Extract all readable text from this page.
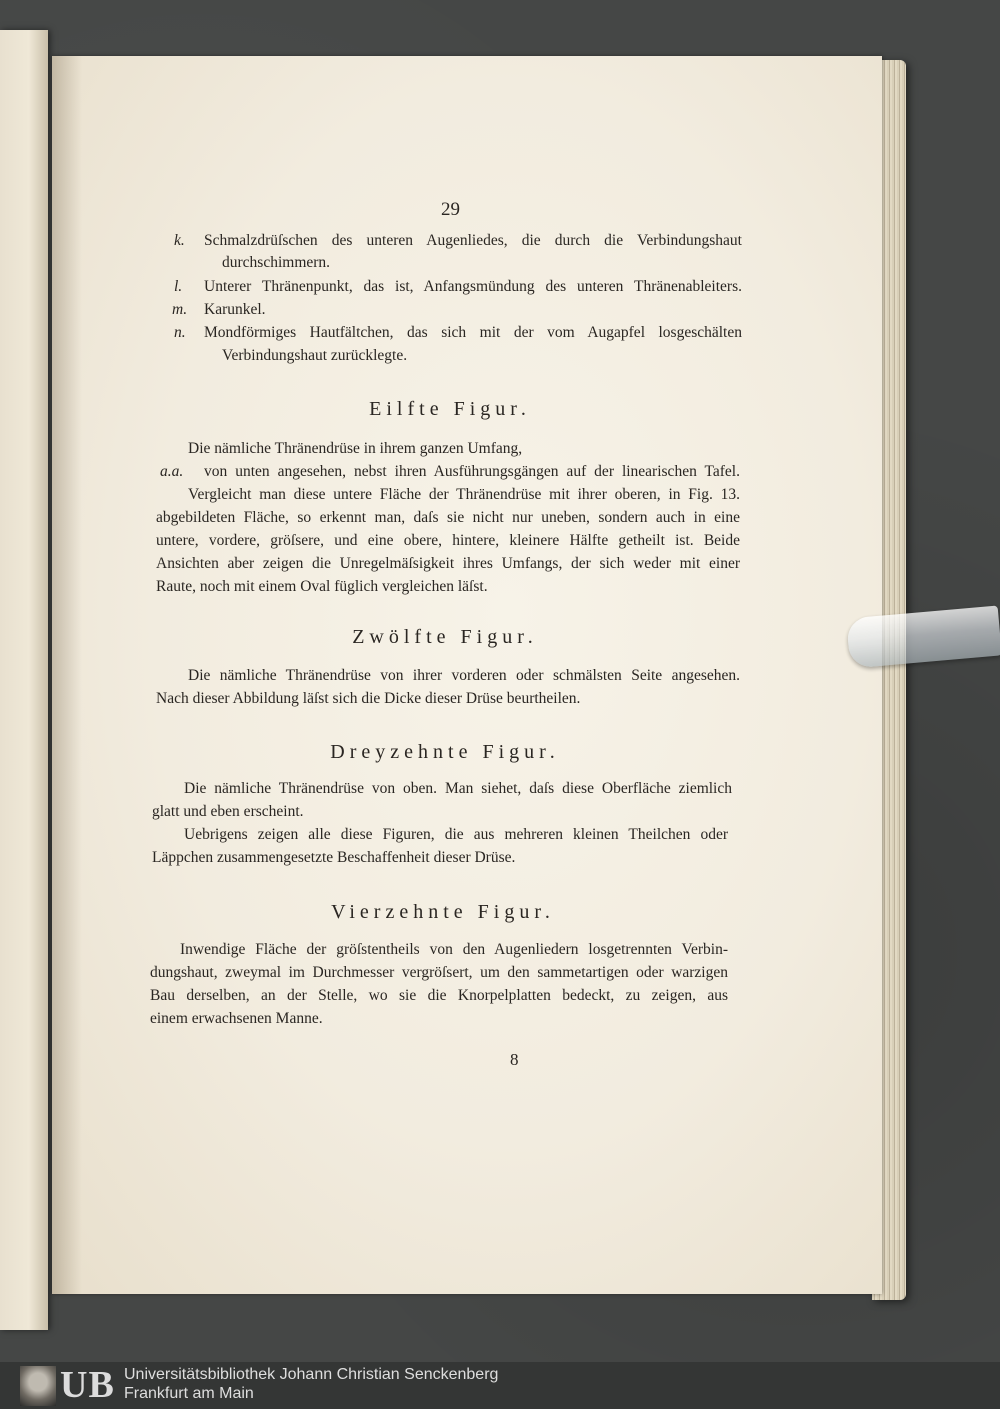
29
k. Schmalzdrüſschen des unteren Augenliedes, die durch die Verbindungshaut
durchschimmern.
l. Unterer Thränenpunkt, das ist, Anfangsmündung des unteren Thränenableiters.
m. Karunkel.
n. Mondförmiges Hautfältchen, das sich mit der vom Augapfel losgeschälten
Verbindungshaut zurücklegte.
Eilfte Figur.
Die nämliche Thränendrüse in ihrem ganzen Umfang,
a.a. von unten angesehen, nebst ihren Ausführungsgängen auf der linearischen Tafel.
Vergleicht man diese untere Fläche der Thränendrüse mit ihrer oberen, in Fig. 13.
abgebildeten Fläche, so erkennt man, daſs sie nicht nur uneben, sondern auch in eine
untere, vordere, gröſsere, und eine obere, hintere, kleinere Hälfte getheilt ist. Beide
Ansichten aber zeigen die Unregelmäſsigkeit ihres Umfangs, der sich weder mit einer
Raute, noch mit einem Oval füglich vergleichen läſst.
Zwölfte Figur.
Die nämliche Thränendrüse von ihrer vorderen oder schmälsten Seite angesehen.
Nach dieser Abbildung läſst sich die Dicke dieser Drüse beurtheilen.
Dreyzehnte Figur.
Die nämliche Thränendrüse von oben. Man siehet, daſs diese Oberfläche ziemlich
glatt und eben erscheint.
Uebrigens zeigen alle diese Figuren, die aus mehreren kleinen Theilchen oder
Läppchen zusammengesetzte Beschaffenheit dieser Drüse.
Vierzehnte Figur.
Inwendige Fläche der gröſstentheils von den Augenliedern losgetrennten Verbin-
dungshaut, zweymal im Durchmesser vergröſsert, um den sammetartigen oder warzigen
Bau derselben, an der Stelle, wo sie die Knorpelplatten bedeckt, zu zeigen, aus
einem erwachsenen Manne.
8
UB Universitätsbibliothek Johann Christian Senckenberg
Frankfurt am Main
